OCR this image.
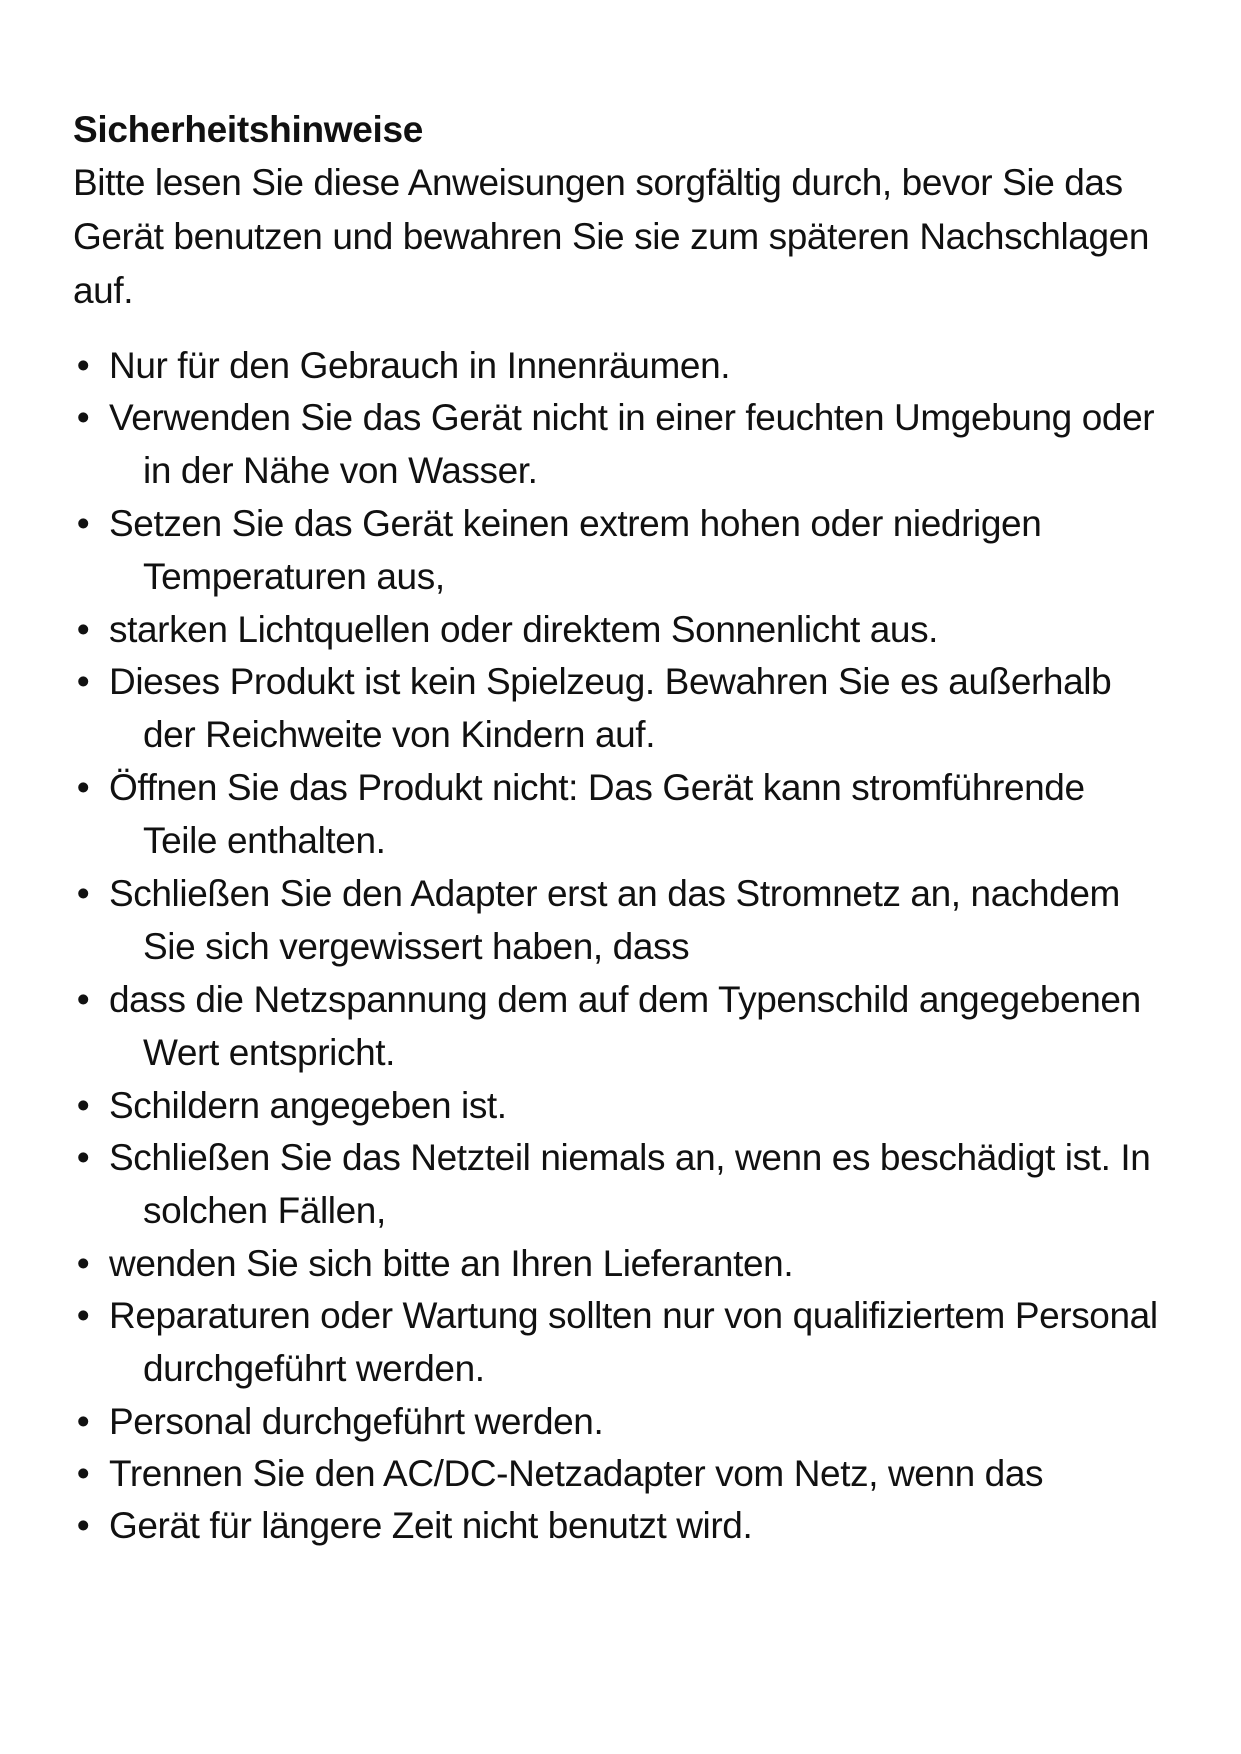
Sicherheitshinweise

Bitte lesen Sie diese Anweisungen sorgfältig durch, bevor Sie das
Gerät benutzen und bewahren Sie sie zum späteren Nachschlagen
auf.

• Nur für den Gebrauch in Innenräumen.
• Verwenden Sie das Gerät nicht in einer feuchten Umgebung oder
in der Nähe von Wasser.
• Setzen Sie das Gerät keinen extrem hohen oder niedrigen
Temperaturen aus,
• starken Lichtquellen oder direktem Sonnenlicht aus.
• Dieses Produkt ist kein Spielzeug. Bewahren Sie es außerhalb
der Reichweite von Kindern auf.
• Öffnen Sie das Produkt nicht: Das Gerät kann stromführende
Teile enthalten.
• Schließen Sie den Adapter erst an das Stromnetz an, nachdem
Sie sich vergewissert haben, dass
• dass die Netzspannung dem auf dem Typenschild angegebenen
Wert entspricht.
• Schildern angegeben ist.
• Schließen Sie das Netzteil niemals an, wenn es beschädigt ist. In
solchen Fällen,
• wenden Sie sich bitte an Ihren Lieferanten.
• Reparaturen oder Wartung sollten nur von qualifiziertem Personal
durchgeführt werden.
• Personal durchgeführt werden.
• Trennen Sie den AC/DC-Netzadapter vom Netz, wenn das
• Gerät für längere Zeit nicht benutzt wird.
